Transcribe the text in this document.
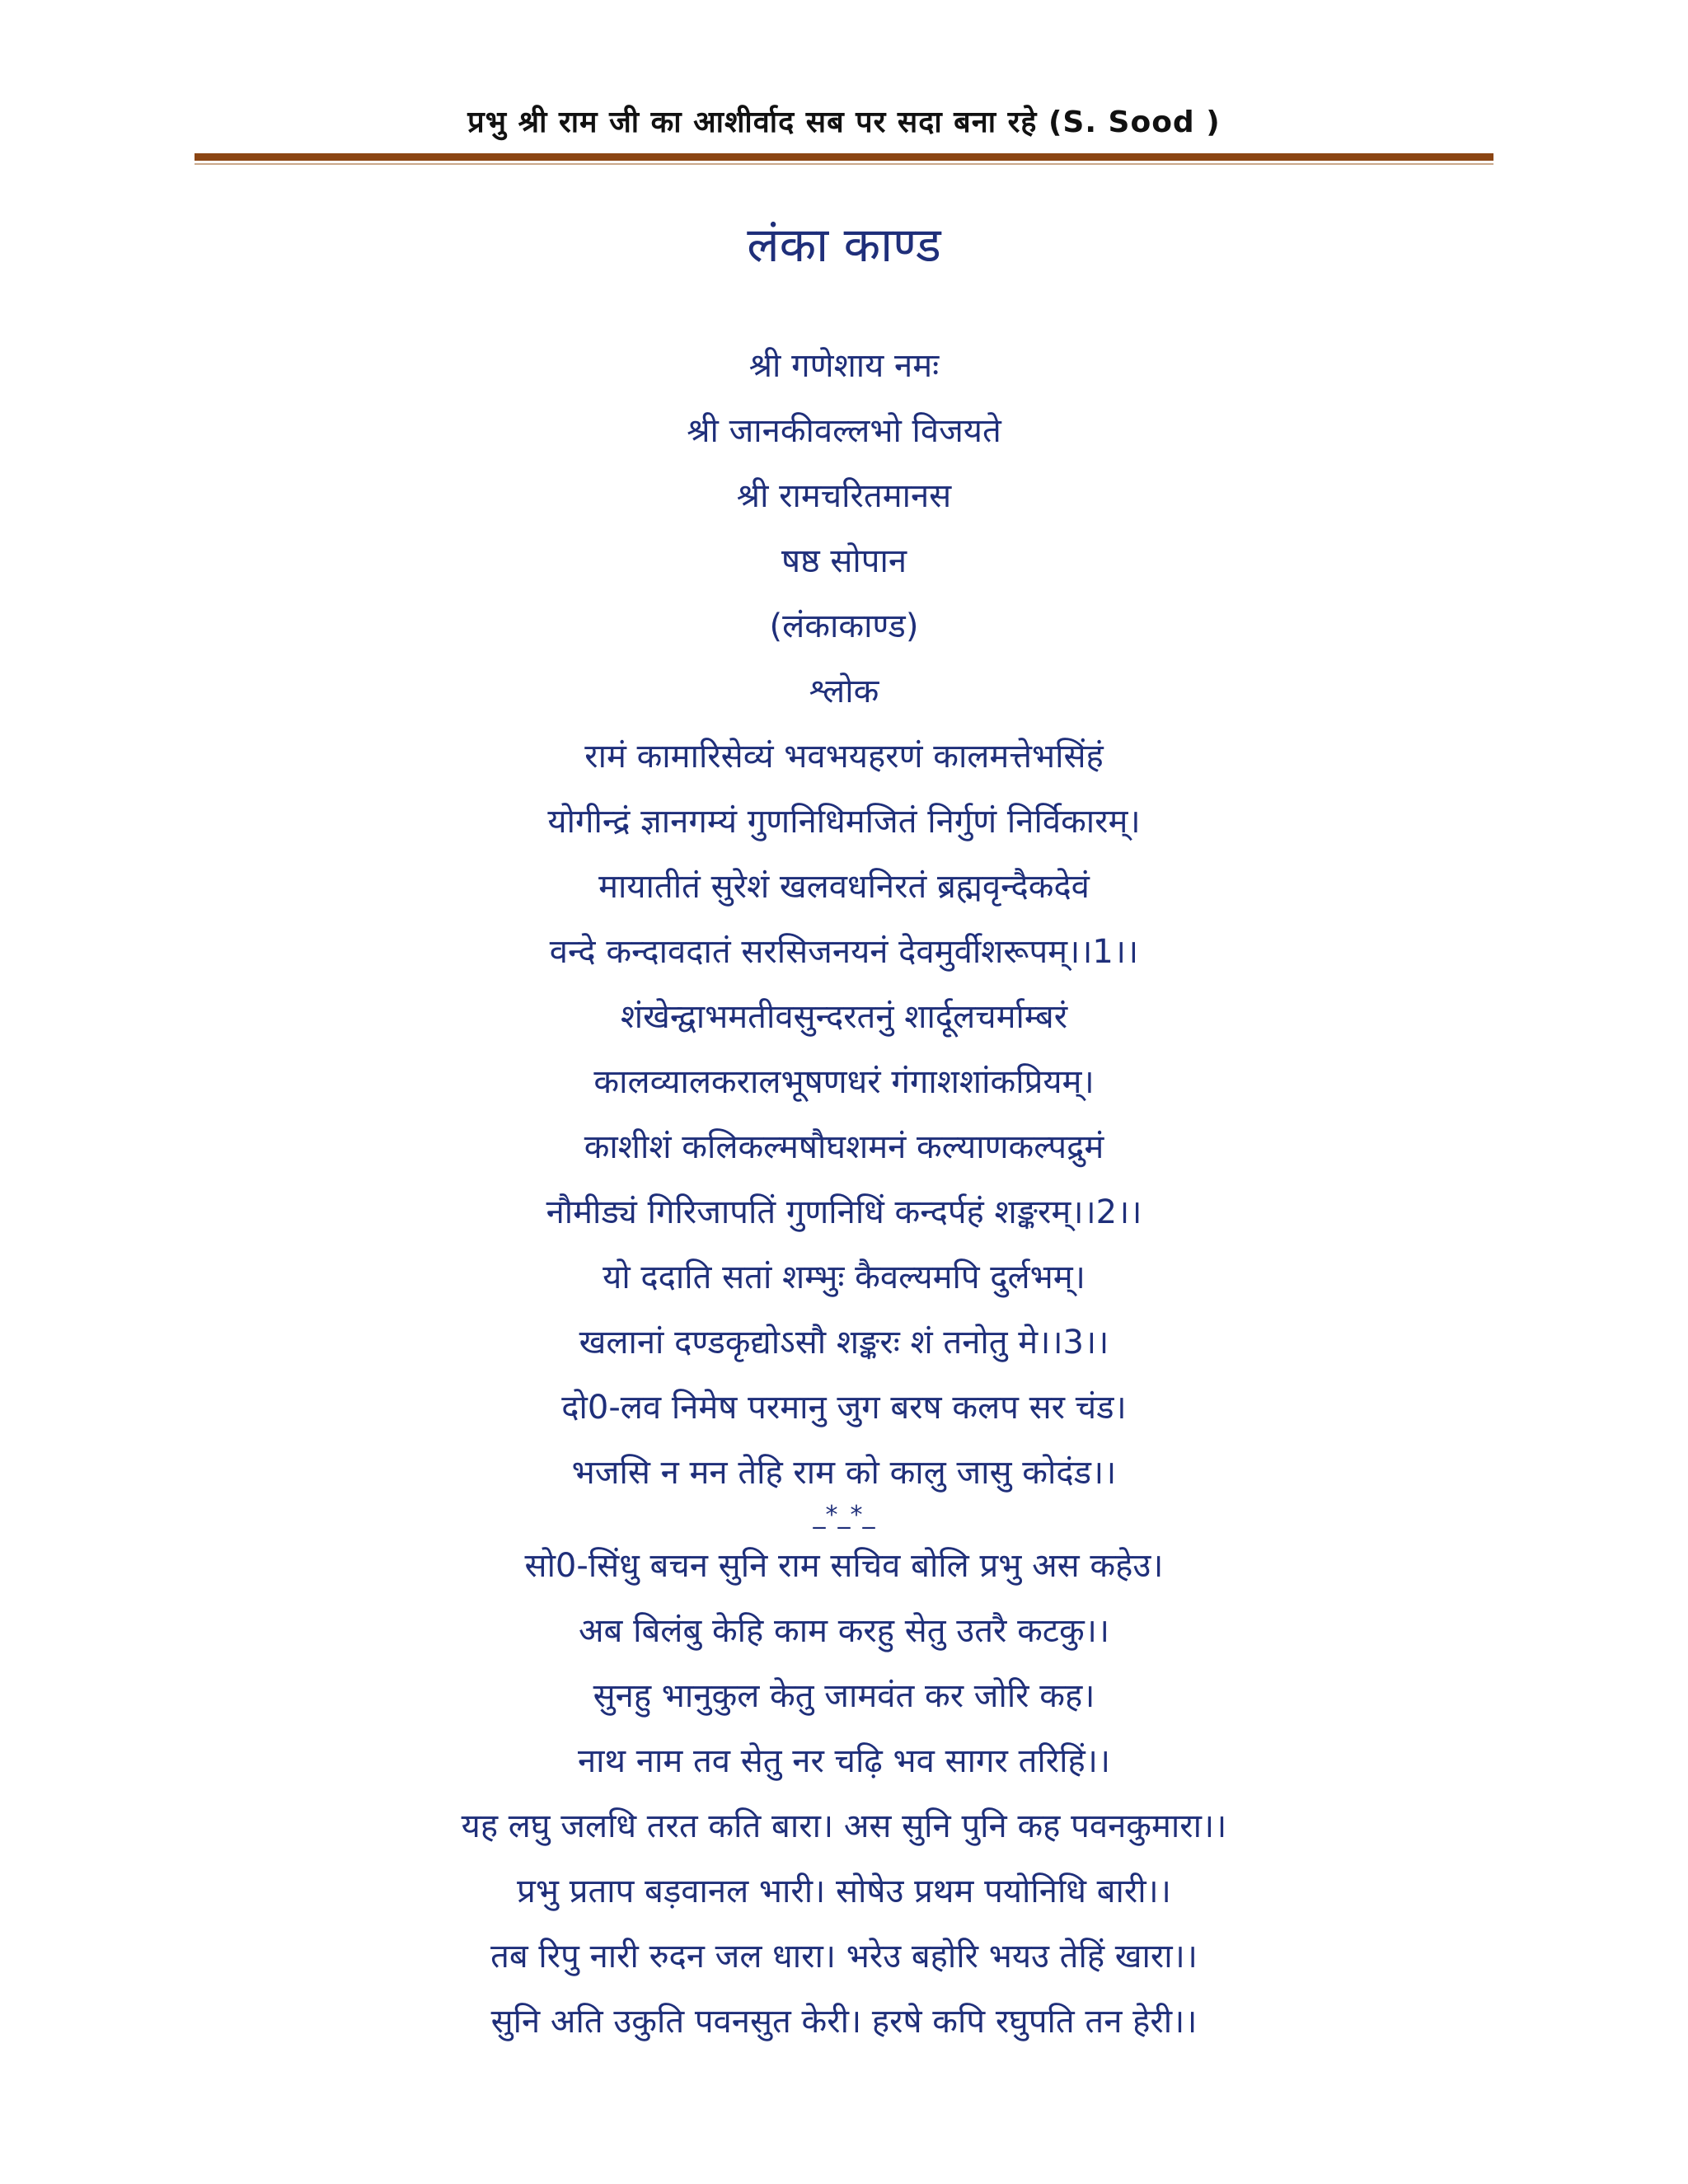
प्रभु श्री राम जी का आशीर्वाद सब पर सदा बना रहे (S. Sood )
लंका काण्ड
श्री गणेशाय नमः
श्री जानकीवल्लभो विजयते
श्री रामचरितमानस
षष्ठ सोपान
(लंकाकाण्ड)
श्लोक
रामं कामारिसेव्यं भवभयहरणं कालमत्तेभसिंहं
योगीन्द्रं ज्ञानगम्यं गुणनिधिमजितं निर्गुणं निर्विकारम्।
मायातीतं सुरेशं खलवधनिरतं ब्रह्मवृन्दैकदेवं
वन्दे कन्दावदातं सरसिजनयनं देवमुर्वीशरूपम्।।1।।
शंखेन्द्वाभमतीवसुन्दरतनुं शार्दूलचर्माम्बरं
कालव्यालकरालभूषणधरं गंगाशशांकप्रियम्।
काशीशं कलिकल्मषौघशमनं कल्याणकल्पद्रुमं
नौमीड्यं गिरिजापतिं गुणनिधिं कन्दर्पहं शङ्करम्।।2।।
यो ददाति सतां शम्भुः कैवल्यमपि दुर्लभम्।
खलानां दण्डकृद्योऽसौ शङ्करः शं तनोतु मे।।3।।
दो0-लव निमेष परमानु जुग बरष कलप सर चंड।
भजसि न मन तेहि राम को कालु जासु कोदंड।।
_*_*_
सो0-सिंधु बचन सुनि राम सचिव बोलि प्रभु अस कहेउ।
अब बिलंबु केहि काम करहु सेतु उतरै कटकु।।
सुनहु भानुकुल केतु जामवंत कर जोरि कह।
नाथ नाम तव सेतु नर चढ़ि भव सागर तरिहिं।।
यह लघु जलधि तरत कति बारा। अस सुनि पुनि कह पवनकुमारा।।
प्रभु प्रताप बड़वानल भारी। सोषेउ प्रथम पयोनिधि बारी।।
तब रिपु नारी रुदन जल धारा। भरेउ बहोरि भयउ तेहिं खारा।।
सुनि अति उकुति पवनसुत केरी। हरषे कपि रघुपति तन हेरी।।
